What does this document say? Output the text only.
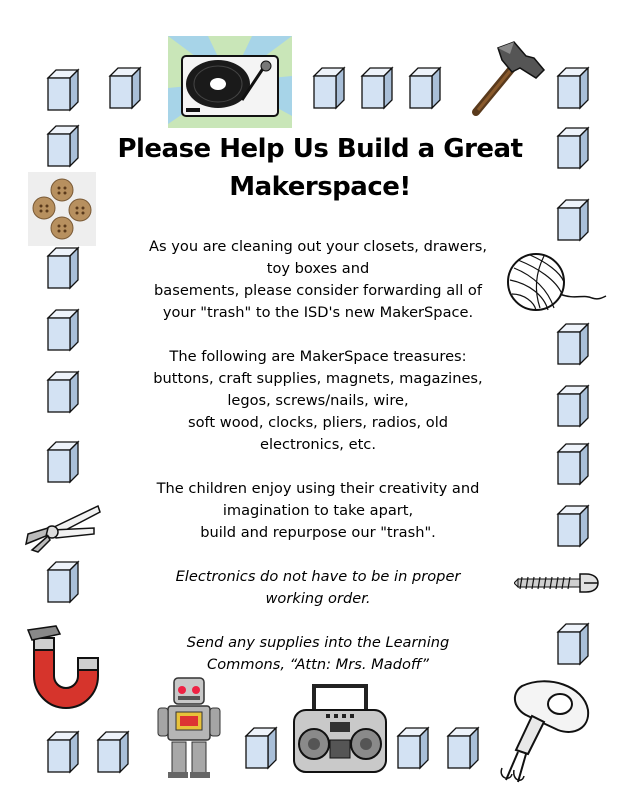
Please Help Us Build a Great
Makerspace!

As you are cleaning out your closets, drawers,
toy boxes and
basements, please consider forwarding all of
your "trash" to the ISD's new MakerSpace.

The following are MakerSpace treasures:
buttons, craft supplies, magnets, magazines,
legos, screws/nails, wire,
soft wood, clocks, pliers, radios, old
electronics, etc.

The children enjoy using their creativity and
imagination to take apart,
build and repurpose our "trash".

Electronics do not have to be in proper
working order.

Send any supplies into the Learning
Commons, “Attn: Mrs. Madoff”
